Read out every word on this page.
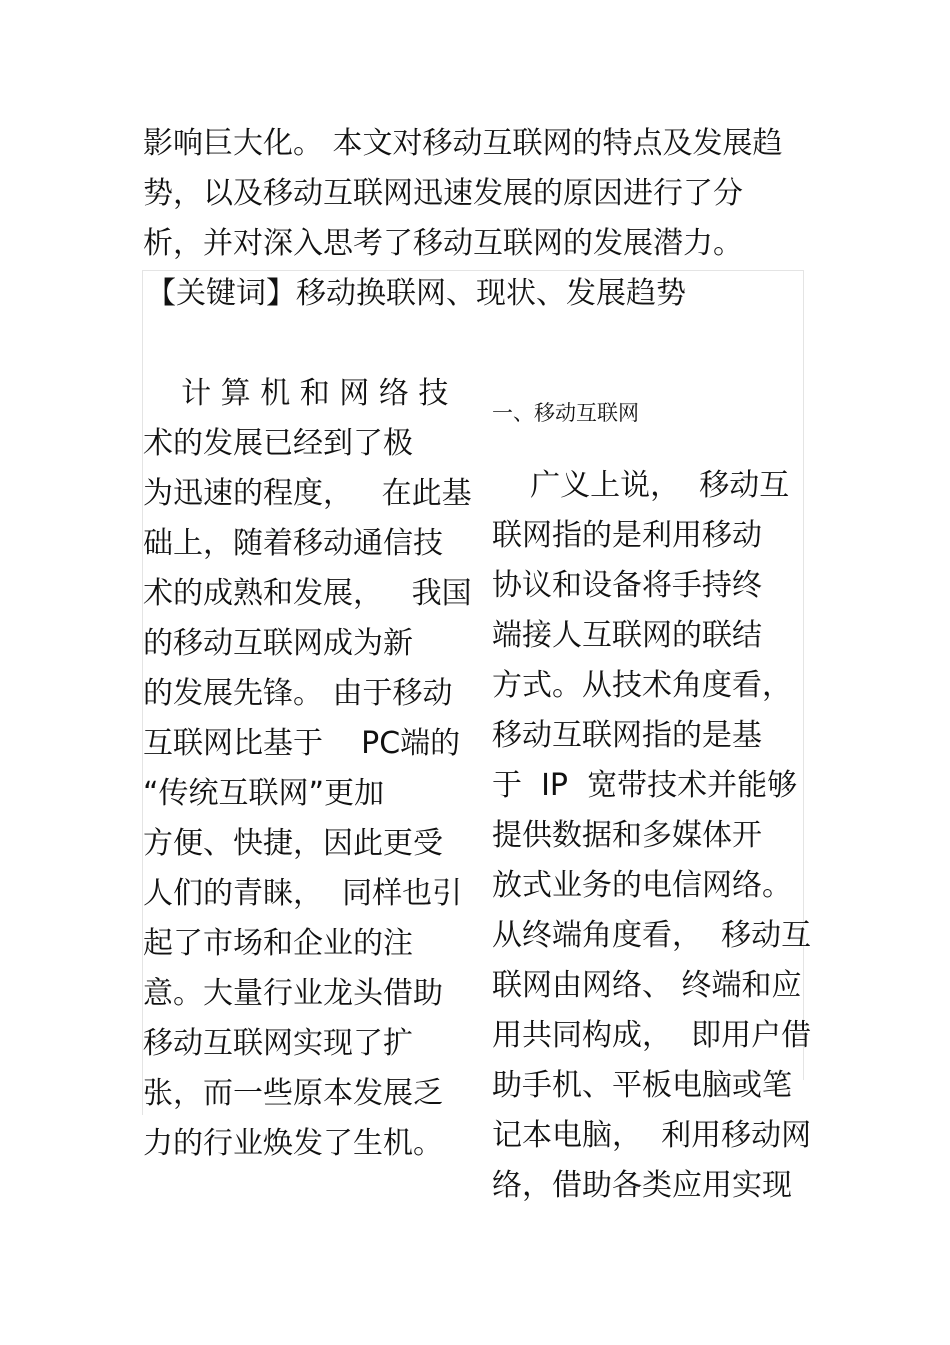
影响巨大化。 本文对移动互联网的特点及发展趋
势，以及移动互联网迅速发展的原因进行了分
析，并对深入思考了移动互联网的发展潜力。
【关键词】移动换联网、现状、发展趋势
计 算 机 和 网 络 技
术的发展已经到了极
为迅速的程度，   在此基
础上，随着移动通信技
术的成熟和发展，   我国
的移动互联网成为新
的发展先锋。 由于移动
互联网比基于    PC端的
“传统互联网”更加
方便、快捷，因此更受
人们的青睐，  同样也引
起了市场和企业的注
意。大量行业龙头借助
移动互联网实现了扩
张，而一些原本发展乏
力的行业焕发了生机。
一、移动互联网
广义上说，  移动互
联网指的是利用移动
协议和设备将手持终
端接人互联网的联结
方式。从技术角度看，
移动互联网指的是基
于  IP  宽带技术并能够
提供数据和多媒体开
放式业务的电信网络。
从终端角度看，  移动互
联网由网络、 终端和应
用共同构成，  即用户借
助手机、平板电脑或笔
记本电脑，  利用移动网
络，借助各类应用实现
